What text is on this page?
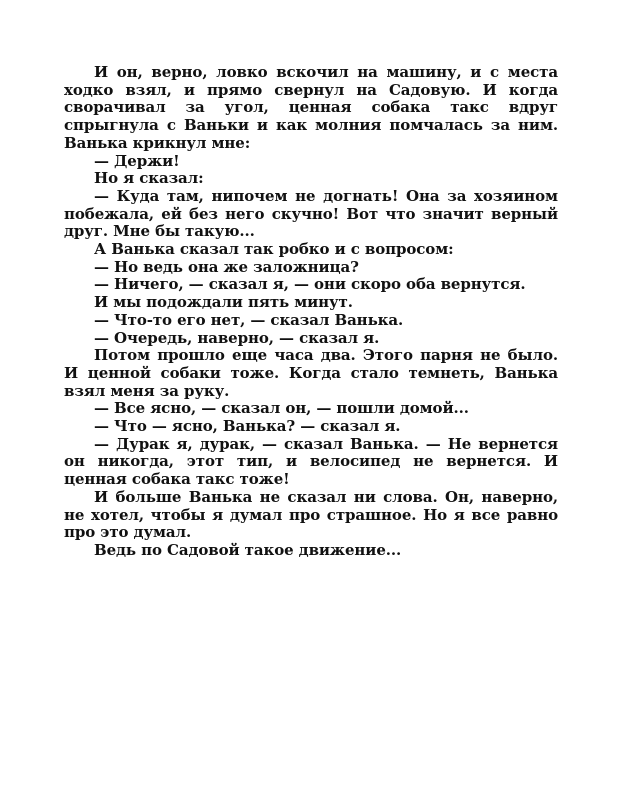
И он, верно, ловко вскочил на машину, и с места ходко взял, и прямо свернул на Садовую. И когда сворачивал за угол, ценная собака такс вдруг спрыгнула с Ваньки и как молния помчалась за ним. Ванька крикнул мне:

— Держи!

Но я сказал:

— Куда там, нипочем не догнать! Она за хозяином побежала, ей без него скучно! Вот что значит верный друг. Мне бы такую...

А Ванька сказал так робко и с вопросом:

— Но ведь она же заложница?

— Ничего, — сказал я, — они скоро оба вернутся.

И мы подождали пять минут.

— Что-то его нет, — сказал Ванька.

— Очередь, наверно, — сказал я.

Потом прошло еще часа два. Этого парня не было. И ценной собаки тоже. Когда стало темнеть, Ванька взял меня за руку.

— Все ясно, — сказал он, — пошли домой...

— Что — ясно, Ванька? — сказал я.

— Дурак я, дурак, — сказал Ванька. — Не вернется он никогда, этот тип, и велосипед не вернется. И ценная собака такс тоже!

И больше Ванька не сказал ни слова. Он, наверно, не хотел, чтобы я думал про страшное. Но я все равно про это думал.

Ведь по Садовой такое движение...
